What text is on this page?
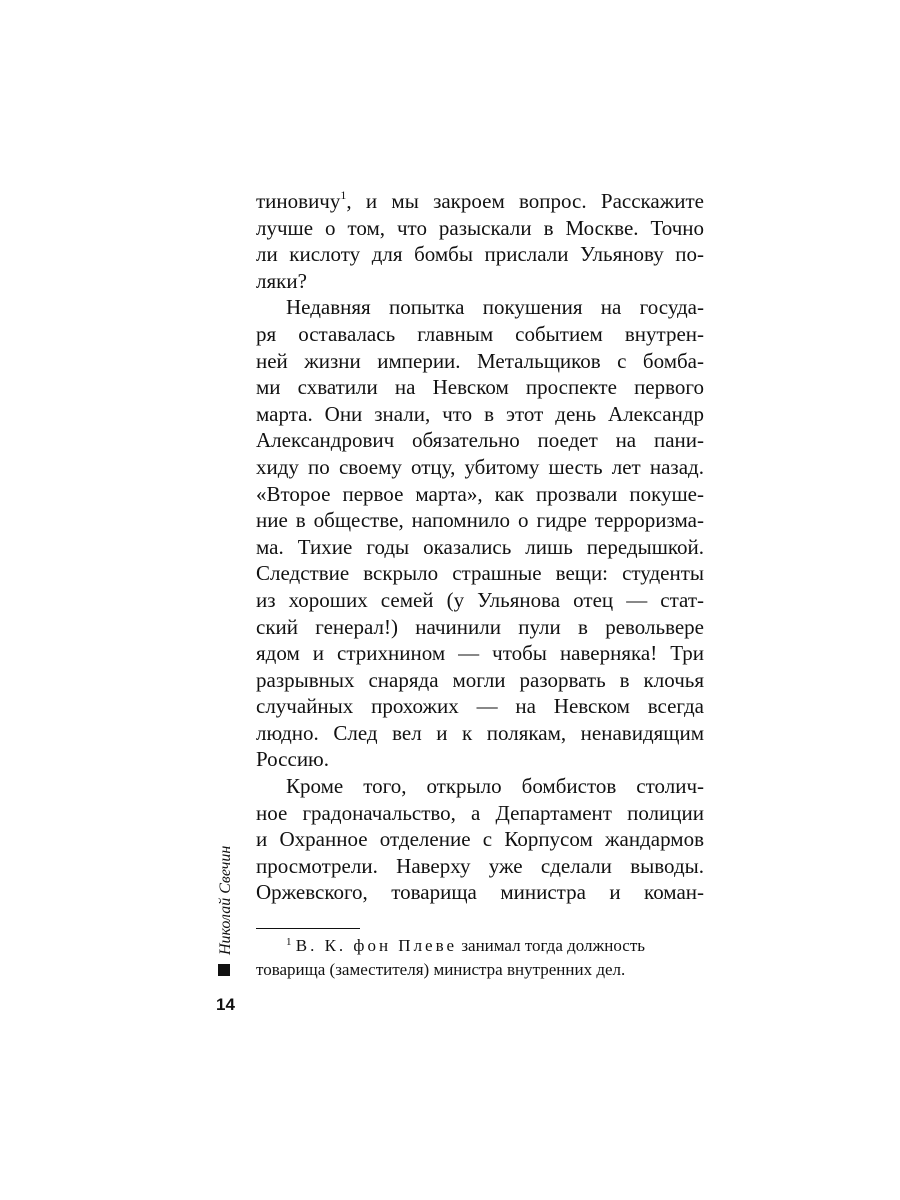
тиновичу$^1$, и мы закроем вопрос. Расскажите
лучше о том, что разыскали в Москве. Точно
ли кислоту для бомбы прислали Ульянову по-
ляки?
Недавняя попытка покушения на госуда-
ря оставалась главным событием внутрен-
ней жизни империи. Метальщиков с бомба-
ми схватили на Невском проспекте первого
марта. Они знали, что в этот день Александр
Александрович обязательно поедет на пани-
хиду по своему отцу, убитому шесть лет назад.
«Второе первое марта», как прозвали покуше-
ние в обществе, напомнило о гидре терроризма-
ма. Тихие годы оказались лишь передышкой.
Следствие вскрыло страшные вещи: студенты
из хороших семей (у Ульянова отец — стат-
ский генерал!) начинили пули в револьвере
ядом и стрихнином — чтобы наверняка! Три
разрывных снаряда могли разорвать в клочья
случайных прохожих — на Невском всегда
людно. След вел и к полякам, ненавидящим
Россию.
Кроме того, открыло бомбистов столич-
ное градоначальство, а Департамент полиции
и Охранное отделение с Корпусом жандармов
просмотрели. Наверху уже сделали выводы.
Оржевского, товарища министра и коман-
$^1$ В. К. фон Плеве занимал тогда должность
товарища (заместителя) министра внутренних дел.
Николай Свечин
14
